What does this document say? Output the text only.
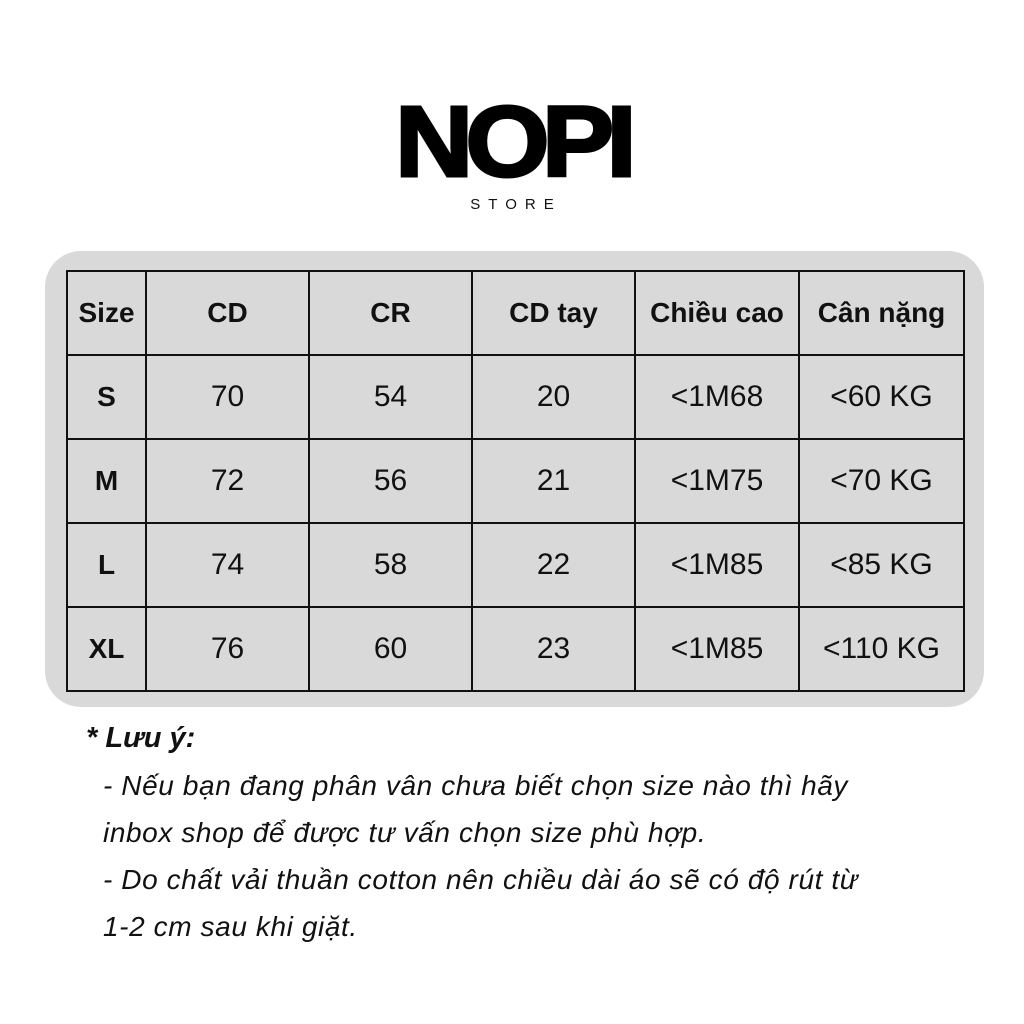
NOPI
STORE
Size	CD	CR	CD tay	Chiều cao	Cân nặng
S	70	54	20	<1M68	<60 KG
M	72	56	21	<1M75	<70 KG
L	74	58	22	<1M85	<85 KG
XL	76	60	23	<1M85	<110 KG

* Lưu ý:

- Nếu bạn đang phân vân chưa biết chọn size nào thì hãy

inbox shop để được tư vấn chọn size phù hợp.

- Do chất vải thuần cotton nên chiều dài áo sẽ có độ rút từ

1-2 cm sau khi giặt.
